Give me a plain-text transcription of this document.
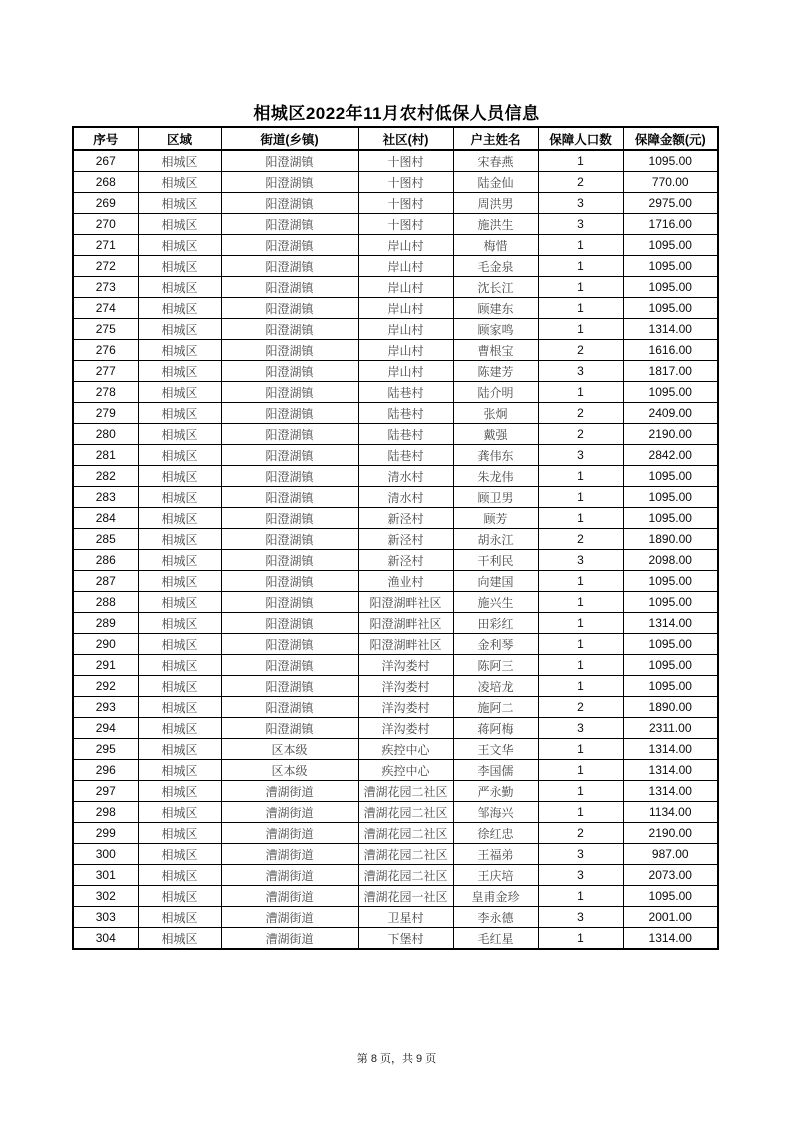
相城区2022年11月农村低保人员信息
序号	区域	街道(乡镇)	社区(村)	户主姓名	保障人口数	保障金额(元)
267	相城区	阳澄湖镇	十图村	宋春燕	1	1095.00
268	相城区	阳澄湖镇	十图村	陆金仙	2	770.00
269	相城区	阳澄湖镇	十图村	周洪男	3	2975.00
270	相城区	阳澄湖镇	十图村	施洪生	3	1716.00
271	相城区	阳澄湖镇	岸山村	梅惜	1	1095.00
272	相城区	阳澄湖镇	岸山村	毛金泉	1	1095.00
273	相城区	阳澄湖镇	岸山村	沈长江	1	1095.00
274	相城区	阳澄湖镇	岸山村	顾建东	1	1095.00
275	相城区	阳澄湖镇	岸山村	顾家鸣	1	1314.00
276	相城区	阳澄湖镇	岸山村	曹根宝	2	1616.00
277	相城区	阳澄湖镇	岸山村	陈建芳	3	1817.00
278	相城区	阳澄湖镇	陆巷村	陆介明	1	1095.00
279	相城区	阳澄湖镇	陆巷村	张炯	2	2409.00
280	相城区	阳澄湖镇	陆巷村	戴强	2	2190.00
281	相城区	阳澄湖镇	陆巷村	龚伟东	3	2842.00
282	相城区	阳澄湖镇	清水村	朱龙伟	1	1095.00
283	相城区	阳澄湖镇	清水村	顾卫男	1	1095.00
284	相城区	阳澄湖镇	新泾村	顾芳	1	1095.00
285	相城区	阳澄湖镇	新泾村	胡永江	2	1890.00
286	相城区	阳澄湖镇	新泾村	干利民	3	2098.00
287	相城区	阳澄湖镇	渔业村	向建国	1	1095.00
288	相城区	阳澄湖镇	阳澄湖畔社区	施兴生	1	1095.00
289	相城区	阳澄湖镇	阳澄湖畔社区	田彩红	1	1314.00
290	相城区	阳澄湖镇	阳澄湖畔社区	金利琴	1	1095.00
291	相城区	阳澄湖镇	洋沟娄村	陈阿三	1	1095.00
292	相城区	阳澄湖镇	洋沟娄村	凌培龙	1	1095.00
293	相城区	阳澄湖镇	洋沟娄村	施阿二	2	1890.00
294	相城区	阳澄湖镇	洋沟娄村	蒋阿梅	3	2311.00
295	相城区	区本级	疾控中心	王文华	1	1314.00
296	相城区	区本级	疾控中心	李国儒	1	1314.00
297	相城区	漕湖街道	漕湖花园二社区	严永勤	1	1314.00
298	相城区	漕湖街道	漕湖花园二社区	邹海兴	1	1134.00
299	相城区	漕湖街道	漕湖花园二社区	徐红忠	2	2190.00
300	相城区	漕湖街道	漕湖花园二社区	王福弟	3	987.00
301	相城区	漕湖街道	漕湖花园二社区	王庆培	3	2073.00
302	相城区	漕湖街道	漕湖花园一社区	皇甫金珍	1	1095.00
303	相城区	漕湖街道	卫星村	李永德	3	2001.00
304	相城区	漕湖街道	下堡村	毛红星	1	1314.00
第 8 页，共 9 页
